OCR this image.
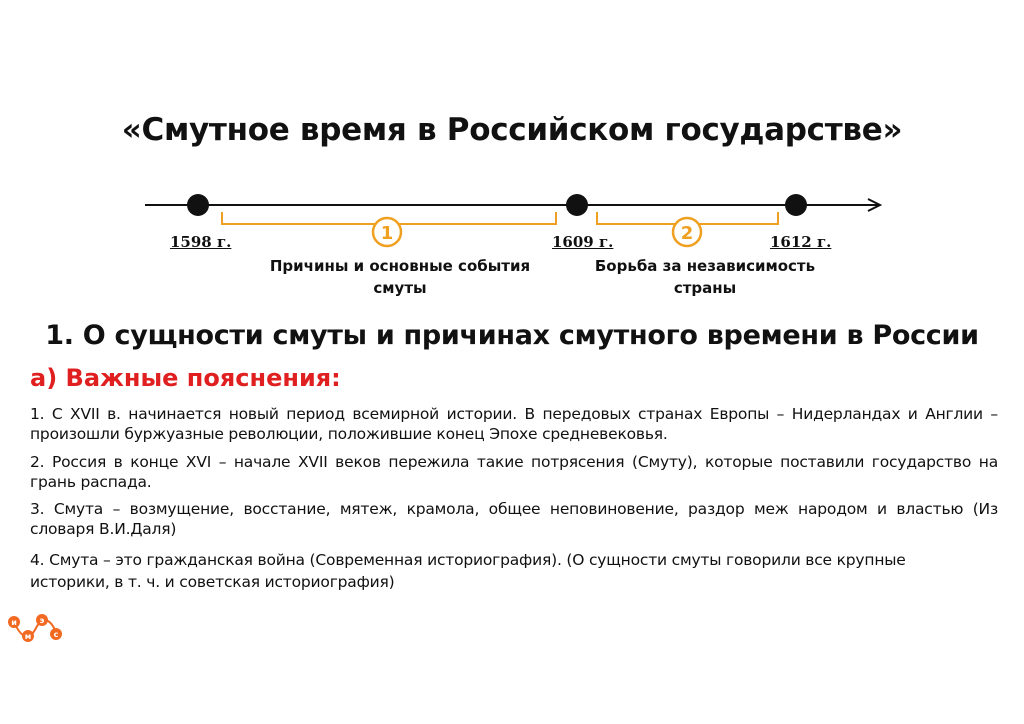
«Смутное время в Российском государстве»
1	2
1598 г.	1609 г.	1612 г.
Причины и основные события
смуты
Борьба за независимость
страны
1. О сущности смуты и причинах смутного времени в России
а) Важные пояснения:
1. С XVII в. начинается новый период всемирной истории. В передовых странах Европы – Нидерландах и Англии – произошли буржуазные революции, положившие конец Эпохе средневековья.
2. Россия в конце XVI – начале XVII веков пережила такие потрясения (Смуту), которые поставили государство на грань распада.
3. Смута – возмущение, восстание, мятеж, крамола, общее неповиновение, раздор меж народом и властью (Из словаря В.И.Даля)
4. Смута – это гражданская война (Современная историография). (О сущности смуты говорили все крупные историки, в т. ч. и советская историография)
и
м
э
с
